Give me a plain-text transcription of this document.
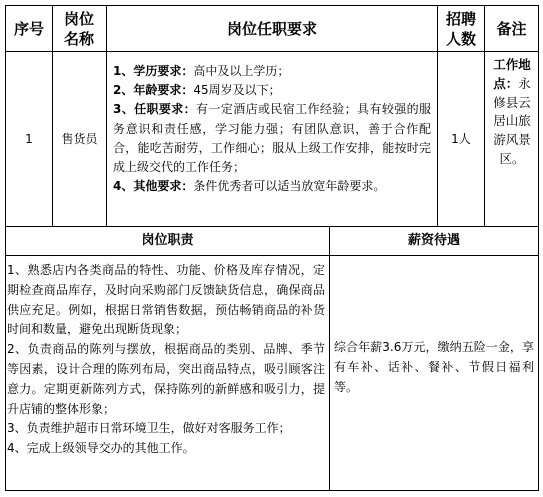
序号
岗位名称
岗位任职要求
招聘人数
备注
1 售货员
1、学历要求：高中及以上学历；
2、年龄要求：45周岁及以下；
3、任职要求：有一定酒店或民宿工作经验；具有较强的服务意识和责任感，学习能力强；有团队意识，善于合作配合，能吃苦耐劳，工作细心；服从上级工作安排，能按时完成上级交代的工作任务；
4、其他要求：条件优秀者可以适当放宽年龄要求。
1人
工作地点：永修县云居山旅游风景区。
岗位职责	薪资待遇
1、熟悉店内各类商品的特性、功能、价格及库存情况，定期检查商品库存，及时向采购部门反馈缺货信息，确保商品供应充足。例如，根据日常销售数据，预估畅销商品的补货时间和数量，避免出现断货现象；
2、负责商品的陈列与摆放，根据商品的类别、品牌、季节等因素，设计合理的陈列布局，突出商品特点，吸引顾客注意力。定期更新陈列方式，保持陈列的新鲜感和吸引力，提升店铺的整体形象；
3、负责维护超市日常环境卫生，做好对客服务工作；
4、完成上级领导交办的其他工作。
综合年薪3.6万元，缴纳五险一金，享有车补、话补、餐补、节假日福利等。
